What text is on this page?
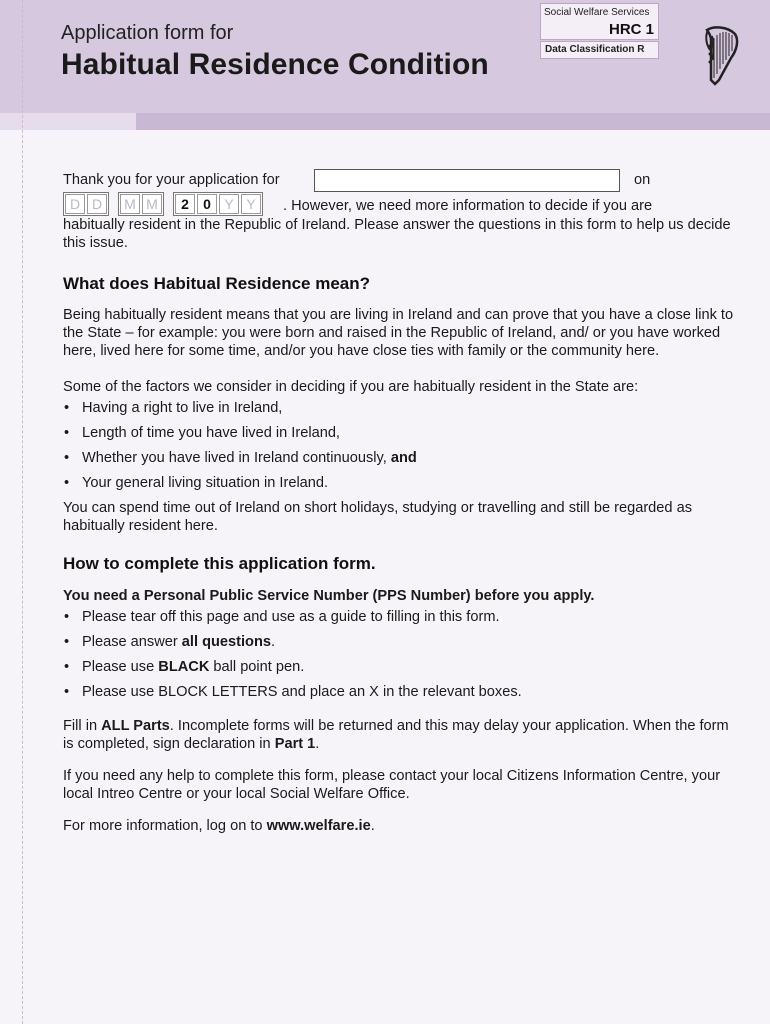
Application form for
Habitual Residence Condition
Social Welfare Services
HRC 1
Data Classification R
Thank you for your application for	on
D D	M M	2	0 Y Y	. However, we need more information to decide if you are

habitually resident in the Republic of Ireland. Please answer the questions in this form to help us decide this issue.

What does Habitual Residence mean?

Being habitually resident means that you are living in Ireland and can prove that you have a close link to the State – for example: you were born and raised in the Republic of Ireland, and/ or you have worked here, lived here for some time, and/or you have close ties with family or the community here.

Some of the factors we consider in deciding if you are habitually resident in the State are:

• Having a right to live in Ireland,
• Length of time you have lived in Ireland,
• Whether you have lived in Ireland continuously, and
• Your general living situation in Ireland.

You can spend time out of Ireland on short holidays, studying or travelling and still be regarded as habitually resident here.

How to complete this application form.

You need a Personal Public Service Number (PPS Number) before you apply.

• Please tear off this page and use as a guide to filling in this form.
• Please answer all questions.
• Please use BLACK ball point pen.
• Please use BLOCK LETTERS and place an X in the relevant boxes.

Fill in ALL Parts. Incomplete forms will be returned and this may delay your application. When the form is completed, sign declaration in Part 1.

If you need any help to complete this form, please contact your local Citizens Information Centre, your local Intreo Centre or your local Social Welfare Office.

For more information, log on to www.welfare.ie.
